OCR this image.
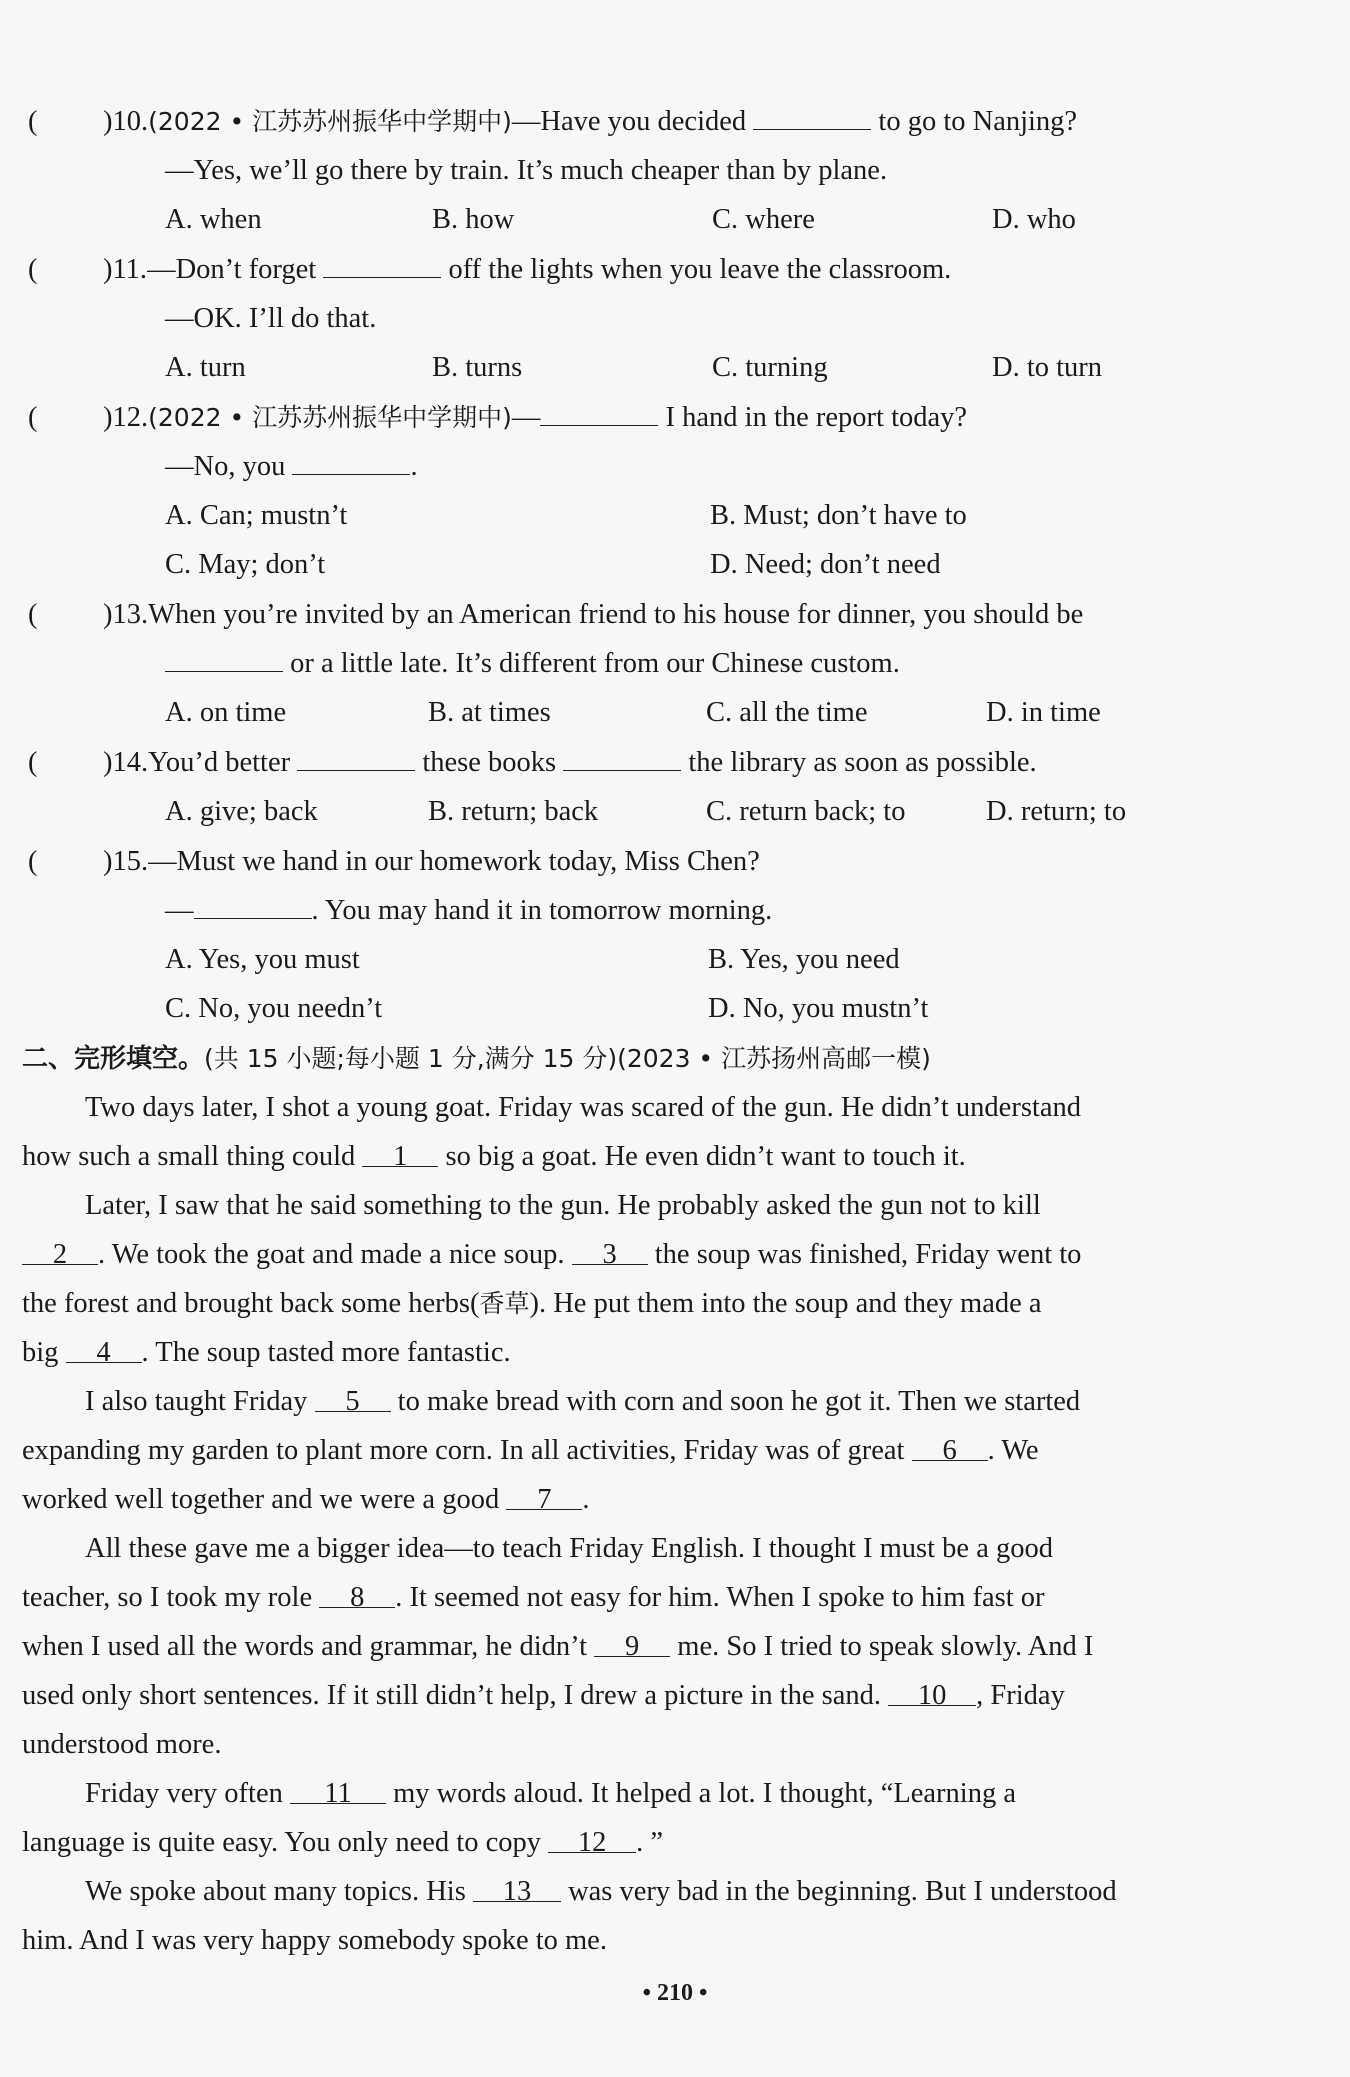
( )10.(2022 • 江苏苏州振华中学期中)—Have you decided	to go to Nanjing?
—Yes, we’ll go there by train. It’s much cheaper than by plane.
A. when	B. how	C. where	D. who
( )11.—Don’t forget	off the lights when you leave the classroom.
—OK. I’ll do that.
A. turn	B. turns	C. turning	D. to turn
( )12.(2022 • 江苏苏州振华中学期中)—	I hand in the report today?
—No, you	.
A. Can; mustn’t	B. Must; don’t have to
C. May; don’t	D. Need; don’t need
( )13.When you’re invited by an American friend to his house for dinner, you should be
or a little late. It’s different from our Chinese custom.
A. on time	B. at times	C. all the time	D. in time
( )14.You’d better	these books	the library as soon as possible.
A. give; back	B. return; back	C. return back; to	D. return; to
( )15.—Must we hand in our homework today, Miss Chen?
—	. You may hand it in tomorrow morning.
A. Yes, you must	B. Yes, you need
C. No, you needn’t	D. No, you mustn’t
二、完形填空。(共 15 小题;每小题 1 分,满分 15 分)(2023 • 江苏扬州高邮一模)
Two days later, I shot a young goat. Friday was scared of the gun. He didn’t understand
how such a small thing could 1 so big a goat. He even didn’t want to touch it.
Later, I saw that he said something to the gun. He probably asked the gun not to kill
2 . We took the goat and made a nice soup. 3 the soup was finished, Friday went to
the forest and brought back some herbs(香草). He put them into the soup and they made a
big 4 . The soup tasted more fantastic.
I also taught Friday 5 to make bread with corn and soon he got it. Then we started
expanding my garden to plant more corn. In all activities, Friday was of great 6 . We
worked well together and we were a good 7 .
All these gave me a bigger idea—to teach Friday English. I thought I must be a good
teacher, so I took my role 8 . It seemed not easy for him. When I spoke to him fast or
when I used all the words and grammar, he didn’t 9 me. So I tried to speak slowly. And I
used only short sentences. If it still didn’t help, I drew a picture in the sand. 10 , Friday
understood more.
Friday very often 11 my words aloud. It helped a lot. I thought, “Learning a
language is quite easy. You only need to copy 12 . ”
We spoke about many topics. His 13 was very bad in the beginning. But I understood
him. And I was very happy somebody spoke to me.
• 210 •
